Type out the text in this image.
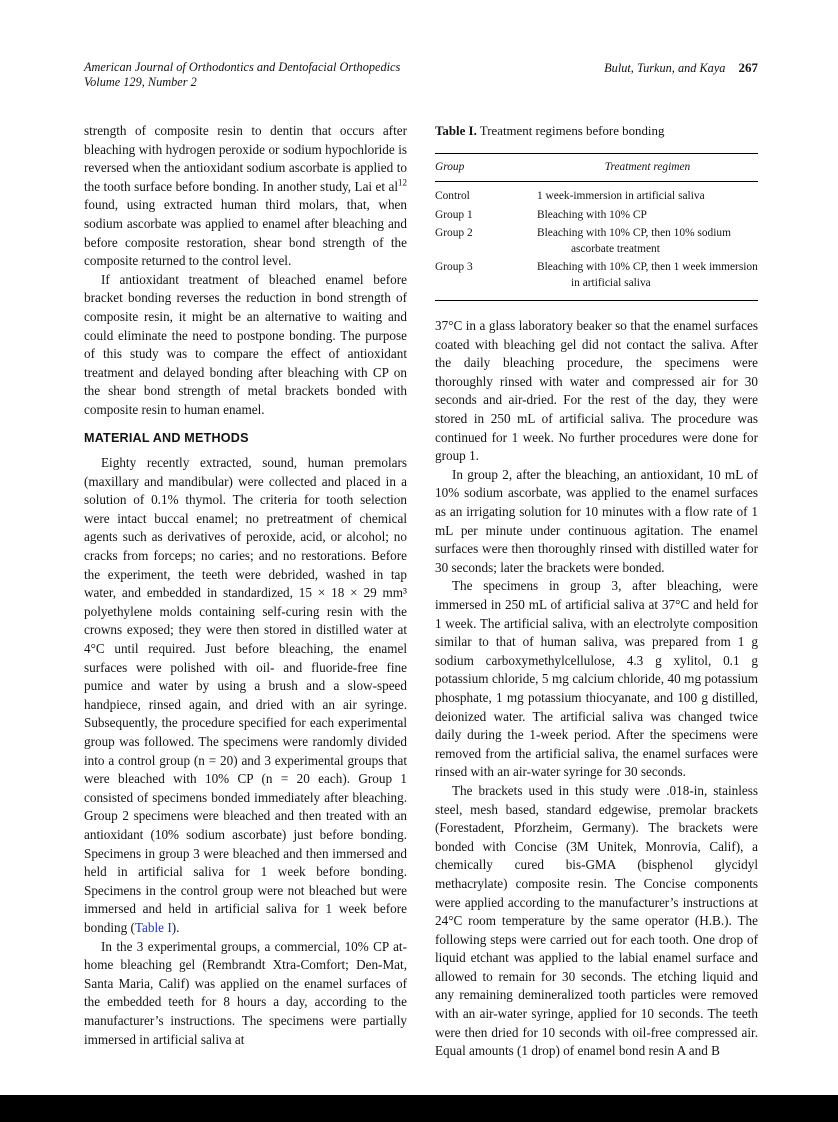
American Journal of Orthodontics and Dentofacial Orthopedics
Volume 129, Number 2
Bulut, Turkun, and Kaya 267

strength of composite resin to dentin that occurs after bleaching with hydrogen peroxide or sodium hypochloride is reversed when the antioxidant sodium ascorbate is applied to the tooth surface before bonding. In another study, Lai et $al^{12}$ found, using extracted human third molars, that, when sodium ascorbate was applied to enamel after bleaching and before composite restoration, shear bond strength of the composite returned to the control level.

If antioxidant treatment of bleached enamel before bracket bonding reverses the reduction in bond strength of composite resin, it might be an alternative to waiting and could eliminate the need to postpone bonding. The purpose of this study was to compare the effect of antioxidant treatment and delayed bonding after bleaching with CP on the shear bond strength of metal brackets bonded with composite resin to human enamel.

MATERIAL AND METHODS

Eighty recently extracted, sound, human premolars (maxillary and mandibular) were collected and placed in a solution of 0.1% thymol. The criteria for tooth selection were intact buccal enamel; no pretreatment of chemical agents such as derivatives of peroxide, acid, or alcohol; no cracks from forceps; no caries; and no restorations. Before the experiment, the teeth were debrided, washed in tap water, and embedded in standardized, 15 × 18 × 29 mm³ polyethylene molds containing self-curing resin with the crowns exposed; they were then stored in distilled water at 4°C until required. Just before bleaching, the enamel surfaces were polished with oil- and fluoride-free fine pumice and water by using a brush and a slow-speed handpiece, rinsed again, and dried with an air syringe. Subsequently, the procedure specified for each experimental group was followed. The specimens were randomly divided into a control group (n = 20) and 3 experimental groups that were bleached with 10% CP (n = 20 each). Group 1 consisted of specimens bonded immediately after bleaching. Group 2 specimens were bleached and then treated with an antioxidant (10% sodium ascorbate) just before bonding. Specimens in group 3 were bleached and then immersed and held in artificial saliva for 1 week before bonding. Specimens in the control group were not bleached but were immersed and held in artificial saliva for 1 week before bonding (Table I).

In the 3 experimental groups, a commercial, 10% CP at-home bleaching gel (Rembrandt Xtra-Comfort; Den-Mat, Santa Maria, Calif) was applied on the enamel surfaces of the embedded teeth for 8 hours a day, according to the manufacturer’s instructions. The specimens were partially immersed in artificial saliva at

Table I. Treatment regimens before bonding
Group	Treatment regimen
Control	1 week-immersion in artificial saliva

Group 1	Bleaching with 10% CP

Group 2	Bleaching with 10% CP, then 10% sodium ascorbate treatment

Group 3	Bleaching with 10% CP, then 1 week immersion in artificial saliva

37°C in a glass laboratory beaker so that the enamel surfaces coated with bleaching gel did not contact the saliva. After the daily bleaching procedure, the specimens were thoroughly rinsed with water and compressed air for 30 seconds and air-dried. For the rest of the day, they were stored in 250 mL of artificial saliva. The procedure was continued for 1 week. No further procedures were done for group 1.

In group 2, after the bleaching, an antioxidant, 10 mL of 10% sodium ascorbate, was applied to the enamel surfaces as an irrigating solution for 10 minutes with a flow rate of 1 mL per minute under continuous agitation. The enamel surfaces were then thoroughly rinsed with distilled water for 30 seconds; later the brackets were bonded.

The specimens in group 3, after bleaching, were immersed in 250 mL of artificial saliva at 37°C and held for 1 week. The artificial saliva, with an electrolyte composition similar to that of human saliva, was prepared from 1 g sodium carboxymethylcellulose, 4.3 g xylitol, 0.1 g potassium chloride, 5 mg calcium chloride, 40 mg potassium phosphate, 1 mg potassium thiocyanate, and 100 g distilled, deionized water. The artificial saliva was changed twice daily during the 1-week period. After the specimens were removed from the artificial saliva, the enamel surfaces were rinsed with an air-water syringe for 30 seconds.

The brackets used in this study were .018-in, stainless steel, mesh based, standard edgewise, premolar brackets (Forestadent, Pforzheim, Germany). The brackets were bonded with Concise (3M Unitek, Monrovia, Calif), a chemically cured bis-GMA (bisphenol glycidyl methacrylate) composite resin. The Concise components were applied according to the manufacturer’s instructions at 24°C room temperature by the same operator (H.B.). The following steps were carried out for each tooth. One drop of liquid etchant was applied to the labial enamel surface and allowed to remain for 30 seconds. The etching liquid and any remaining demineralized tooth particles were removed with an air-water syringe, applied for 10 seconds. The teeth were then dried for 10 seconds with oil-free compressed air. Equal amounts (1 drop) of enamel bond resin A and B
